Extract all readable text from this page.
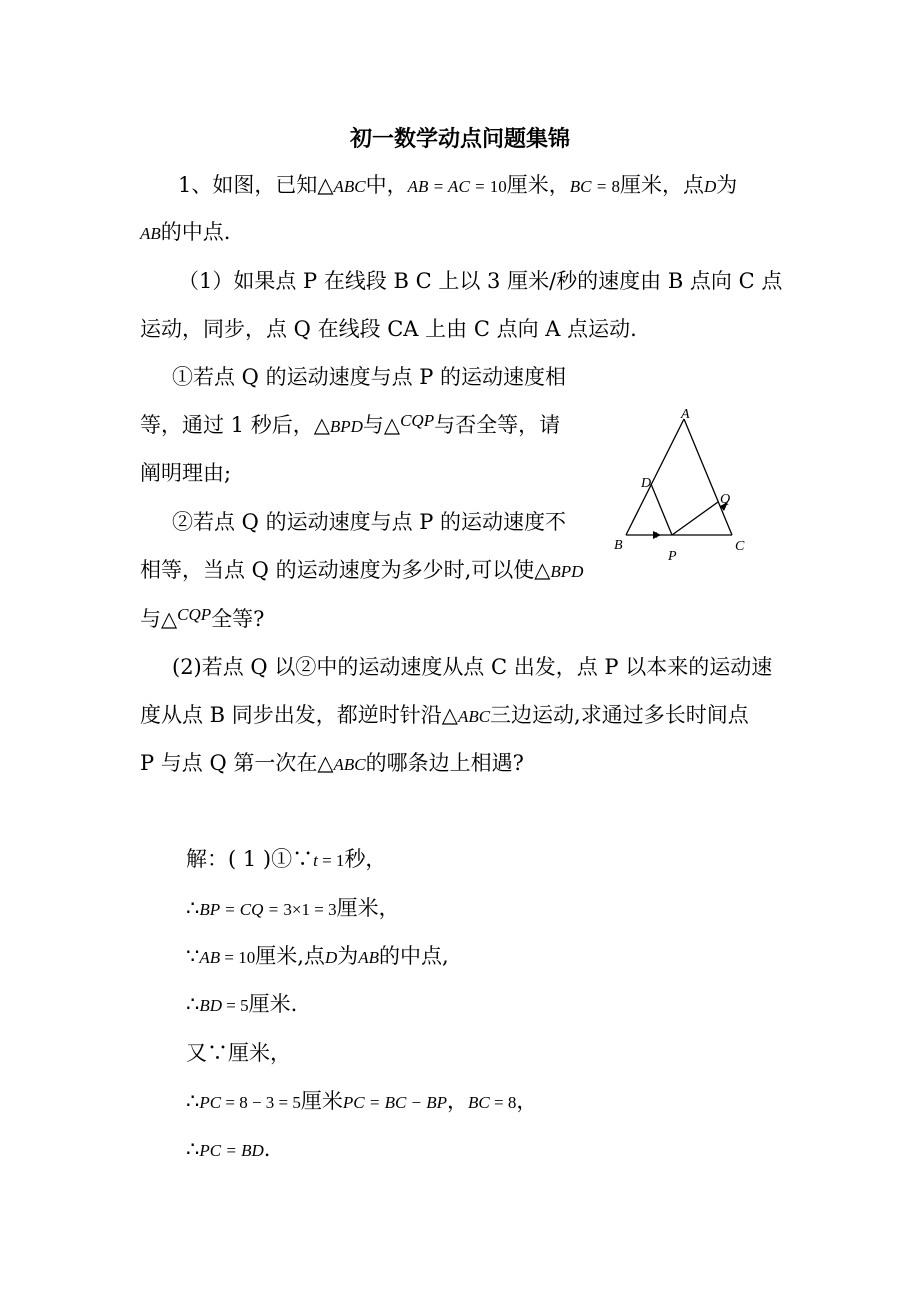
初一数学动点问题集锦
1、如图，已知△ABC中，AB = AC = 10厘米，BC = 8厘米，点D为
AB的中点.
（1）如果点 P 在线段 B C 上以 3 厘米/秒的速度由 B 点向 C 点
运动，同步，点 Q 在线段 CA 上由 C 点向 A 点运动.
①若点 Q 的运动速度与点 P 的运动速度相
等，通过 1 秒后，△BPD与△$^{CQP}$与否全等，请
阐明理由;
②若点 Q 的运动速度与点 P 的运动速度不
相等，当点 Q 的运动速度为多少时,可以使△BPD
与△$^{CQP}$全等?
(2)若点 Q 以②中的运动速度从点 C 出发，点 P 以本来的运动速
度从点 B 同步出发，都逆时针沿△ABC三边运动,求通过多长时间点
P 与点 Q 第一次在△ABC的哪条边上相遇?
A
B	C
D
P
Q
解：( 1 )①∵t = 1秒，
∴BP = CQ = 3×1 = 3厘米，
∵AB = 10厘米,点D为AB的中点,
∴BD = 5厘米.
又∵厘米，
∴PC = 8 − 3 = 5厘米PC = BC − BP，BC = 8，
∴PC = BD.
